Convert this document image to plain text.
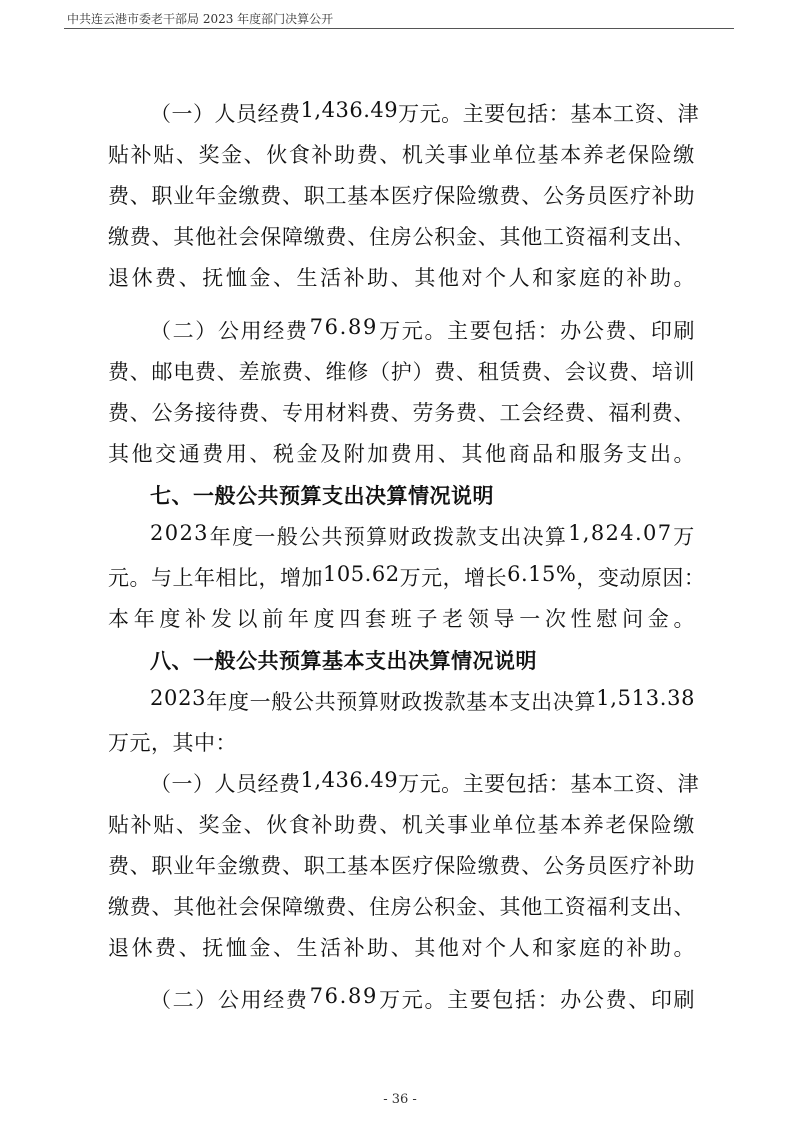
中共连云港市委老干部局 2023 年度部门决算公开
（ 一 ） 人 员 经 费 1 , 4 3 6 . 4 9 万 元 。 主 要 包 括 ： 基 本 工 资 、 津
贴 补 贴 、 奖 金 、 伙 食 补 助 费 、 机 关 事 业 单 位 基 本 养 老 保 险 缴
费 、 职 业 年 金 缴 费 、 职 工 基 本 医 疗 保 险 缴 费 、 公 务 员 医 疗 补 助
缴 费 、 其 他 社 会 保 障 缴 费 、 住 房 公 积 金 、 其 他 工 资 福 利 支 出 、
退 休 费 、 抚 恤 金 、 生 活 补 助 、 其 他 对 个 人 和 家 庭 的 补 助 。
（ 二 ） 公 用 经 费 7 6 . 8 9 万 元 。 主 要 包 括 ： 办 公 费 、 印 刷
费 、 邮 电 费 、 差 旅 费 、 维 修 （ 护 ） 费 、 租 赁 费 、 会 议 费 、 培 训
费 、 公 务 接 待 费 、 专 用 材 料 费 、 劳 务 费 、 工 会 经 费 、 福 利 费 、
其 他 交 通 费 用 、 税 金 及 附 加 费 用 、 其 他 商 品 和 服 务 支 出 。
七、一般公共预算支出决算情况说明
2 0 2 3 年 度 一 般 公 共 预 算 财 政 拨 款 支 出 决 算 1 , 8 2 4 . 0 7 万
元 。 与 上 年 相 比 ， 增 加 1 0 5 . 6 2 万 元 ， 增 长 6 . 1 5 % ， 变 动 原 因 ：
本 年 度 补 发 以 前 年 度 四 套 班 子 老 领 导 一 次 性 慰 问 金 。
八、一般公共预算基本支出决算情况说明
2 0 2 3 年 度 一 般 公 共 预 算 财 政 拨 款 基 本 支 出 决 算 1 , 5 1 3 . 3 8
万元，其中：
（ 一 ） 人 员 经 费 1 , 4 3 6 . 4 9 万 元 。 主 要 包 括 ： 基 本 工 资 、 津
贴 补 贴 、 奖 金 、 伙 食 补 助 费 、 机 关 事 业 单 位 基 本 养 老 保 险 缴
费 、 职 业 年 金 缴 费 、 职 工 基 本 医 疗 保 险 缴 费 、 公 务 员 医 疗 补 助
缴 费 、 其 他 社 会 保 障 缴 费 、 住 房 公 积 金 、 其 他 工 资 福 利 支 出 、
退 休 费 、 抚 恤 金 、 生 活 补 助 、 其 他 对 个 人 和 家 庭 的 补 助 。
（ 二 ） 公 用 经 费 7 6 . 8 9 万 元 。 主 要 包 括 ： 办 公 费 、 印 刷
- 36 -
